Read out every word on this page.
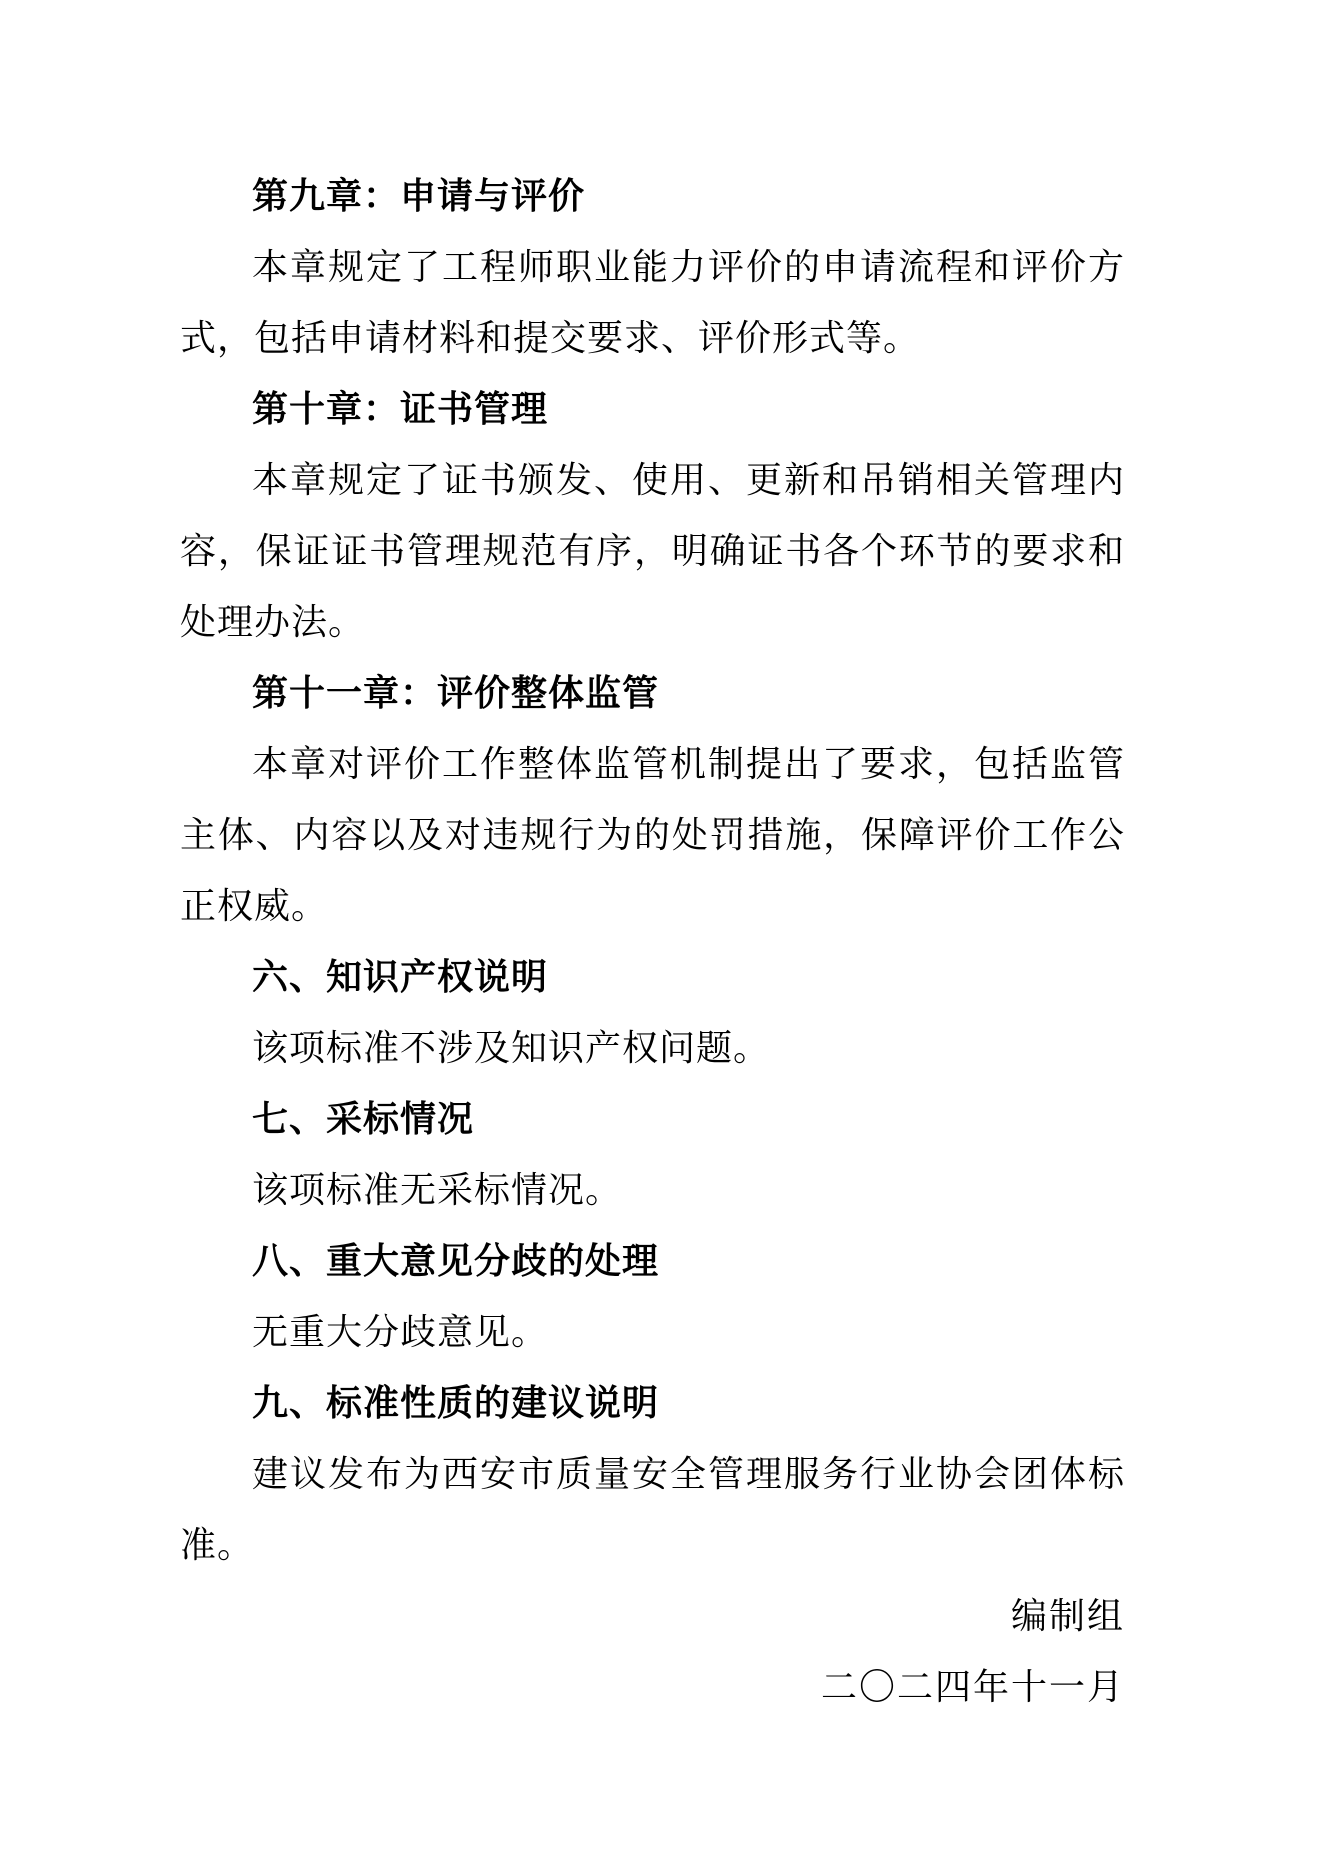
第九章：申请与评价

本章规定了工程师职业能力评价的申请流程和评价方式，包括申请材料和提交要求、评价形式等。

第十章：证书管理

本章规定了证书颁发、使用、更新和吊销相关管理内容，保证证书管理规范有序，明确证书各个环节的要求和处理办法。

第十一章：评价整体监管

本章对评价工作整体监管机制提出了要求，包括监管主体、内容以及对违规行为的处罚措施，保障评价工作公正权威。

六、知识产权说明

该项标准不涉及知识产权问题。

七、采标情况

该项标准无采标情况。

八、重大意见分歧的处理

无重大分歧意见。

九、标准性质的建议说明

建议发布为西安市质量安全管理服务行业协会团体标准。

编制组

二〇二四年十一月
